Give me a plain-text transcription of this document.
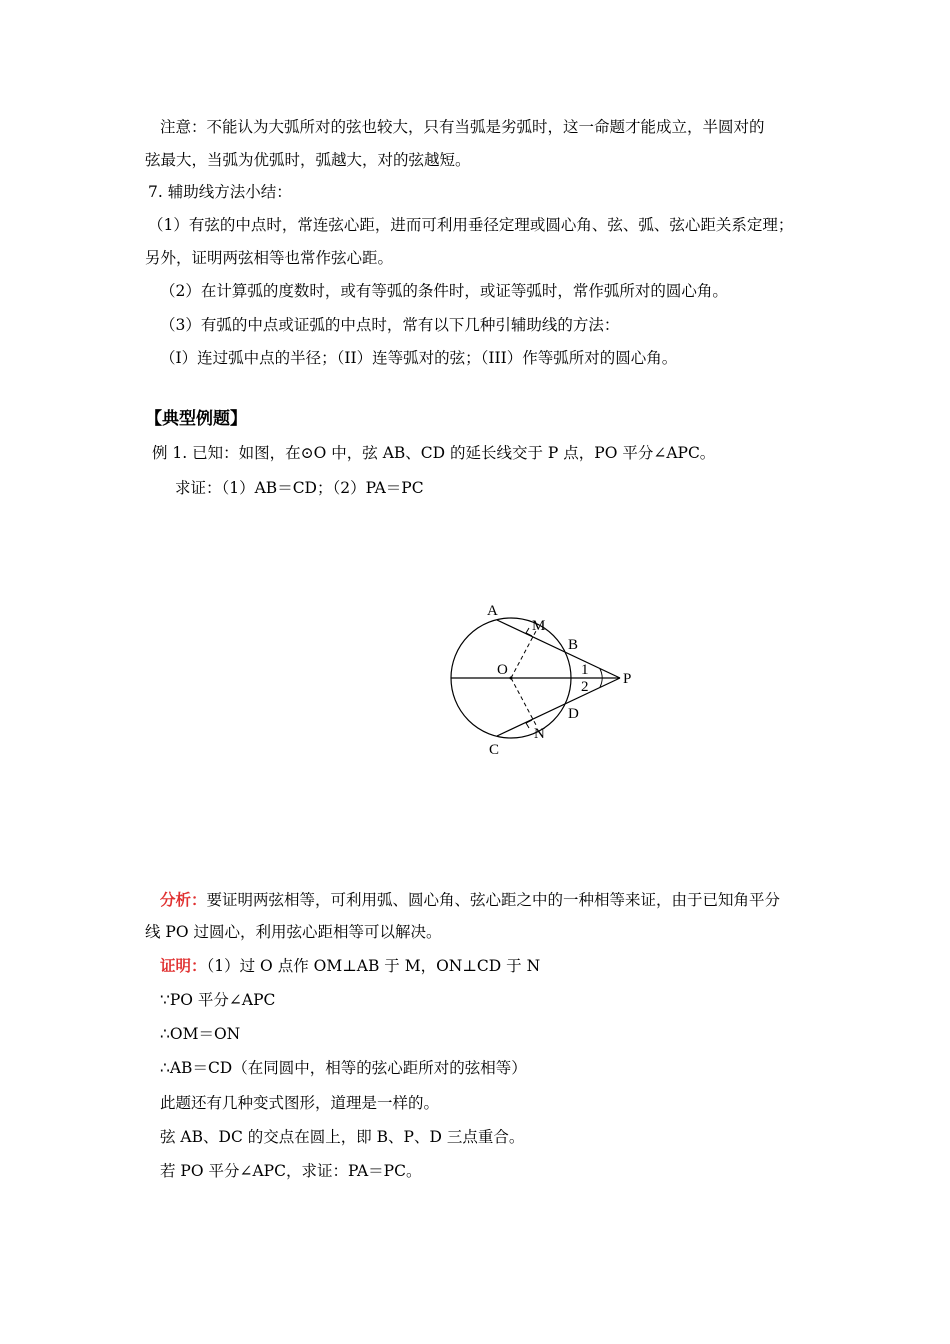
注意：不能认为大弧所对的弦也较大，只有当弧是劣弧时，这一命题才能成立，半圆对的
弦最大，当弧为优弧时，弧越大，对的弦越短。
7. 辅助线方法小结：
（1）有弦的中点时，常连弦心距，进而可利用垂径定理或圆心角、弦、弧、弦心距关系定理；
另外，证明两弦相等也常作弦心距。
（2）在计算弧的度数时，或有等弧的条件时，或证等弧时，常作弧所对的圆心角。
（3）有弧的中点或证弧的中点时，常有以下几种引辅助线的方法：
（I）连过弧中点的半径；（II）连等弧对的弦；（III）作等弧所对的圆心角。
【典型例题】
例 1. 已知：如图，在⊙O 中，弦 AB、CD 的延长线交于 P 点，PO 平分∠APC。
求证：（1）AB＝CD；（2）PA＝PC
A
M
B
O	1
2 P
D
N
C
分析：要证明两弦相等，可利用弧、圆心角、弦心距之中的一种相等来证，由于已知角平分
线 PO 过圆心，利用弦心距相等可以解决。
证明：（1）过 O 点作 OM⊥AB 于 M，ON⊥CD 于 N
∵PO 平分∠APC
∴OM＝ON
∴AB＝CD（在同圆中，相等的弦心距所对的弦相等）
此题还有几种变式图形，道理是一样的。
弦 AB、DC 的交点在圆上，即 B、P、D 三点重合。
若 PO 平分∠APC，求证：PA＝PC。
